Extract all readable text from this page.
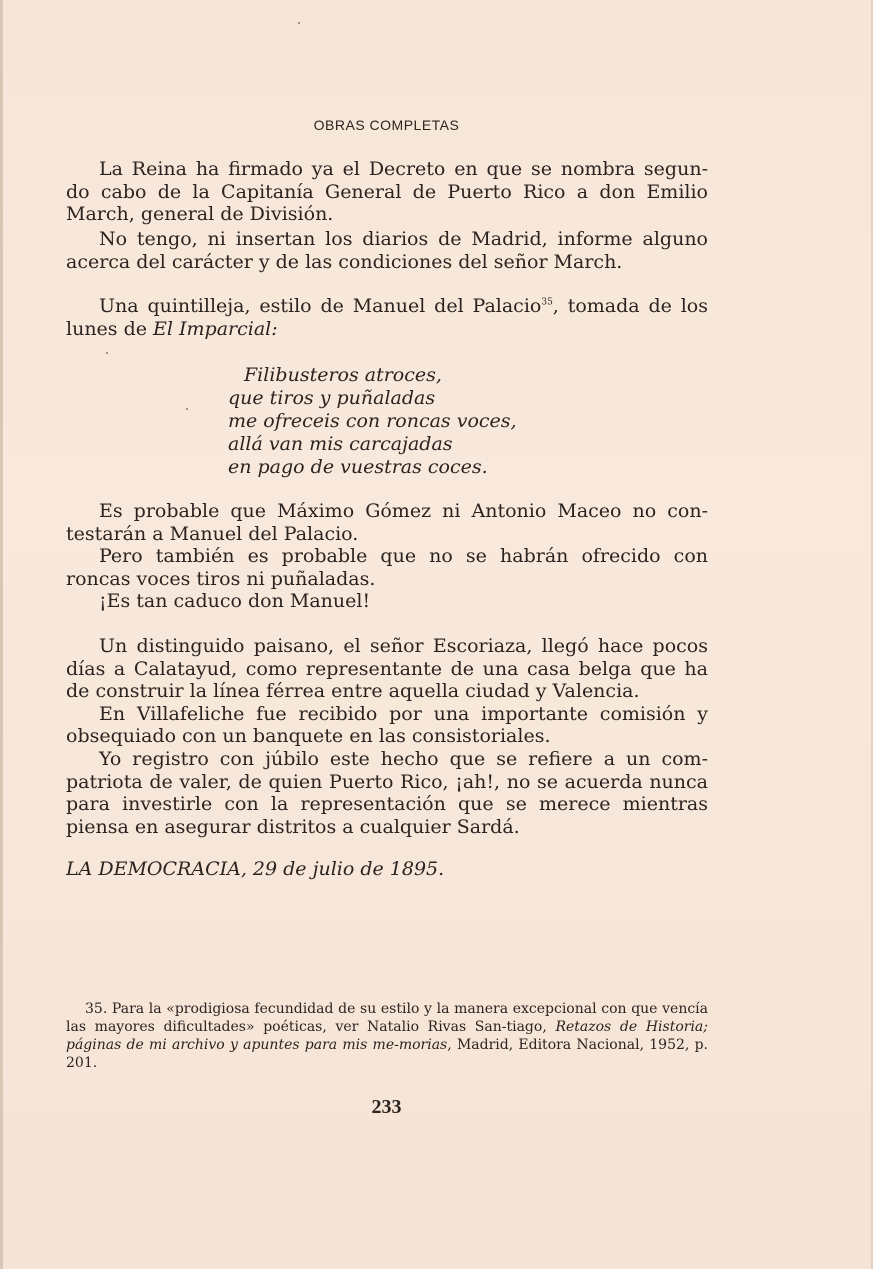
OBRAS COMPLETAS

La Reina ha firmado ya el Decreto en que se nombra segun-

do cabo de la Capitanía General de Puerto Rico a don Emilio

March, general de División.

No tengo, ni insertan los diarios de Madrid, informe alguno acerca del carácter y de las condiciones del señor March.

Una quintilleja, estilo de Manuel del Palacio$^{35}$, tomada de los lunes de El Imparcial:

Filibusteros atroces,
que tiros y puñaladas
me ofreceis con roncas voces,
allá van mis carcajadas
en pago de vuestras coces.

Es probable que Máximo Gómez ni Antonio Maceo no con-testarán a Manuel del Palacio.

Pero también es probable que no se habrán ofrecido con roncas voces tiros ni puñaladas.

¡Es tan caduco don Manuel!

Un distinguido paisano, el señor Escoriaza, llegó hace pocos días a Calatayud, como representante de una casa belga que ha de construir la línea férrea entre aquella ciudad y Valencia.

En Villafeliche fue recibido por una importante comisión y obsequiado con un banquete en las consistoriales.

Yo registro con júbilo este hecho que se refiere a un com-patriota de valer, de quien Puerto Rico, ¡ah!, no se acuerda nunca para investirle con la representación que se merece mientras piensa en asegurar distritos a cualquier Sardá.

LA DEMOCRACIA, 29 de julio de 1895.
35. Para la «prodigiosa fecundidad de su estilo y la manera excepcional con que vencía las mayores dificultades» poéticas, ver Natalio Rivas San-tiago, Retazos de Historia; páginas de mi archivo y apuntes para mis me-morias, Madrid, Editora Nacional, 1952, p. 201.
233
